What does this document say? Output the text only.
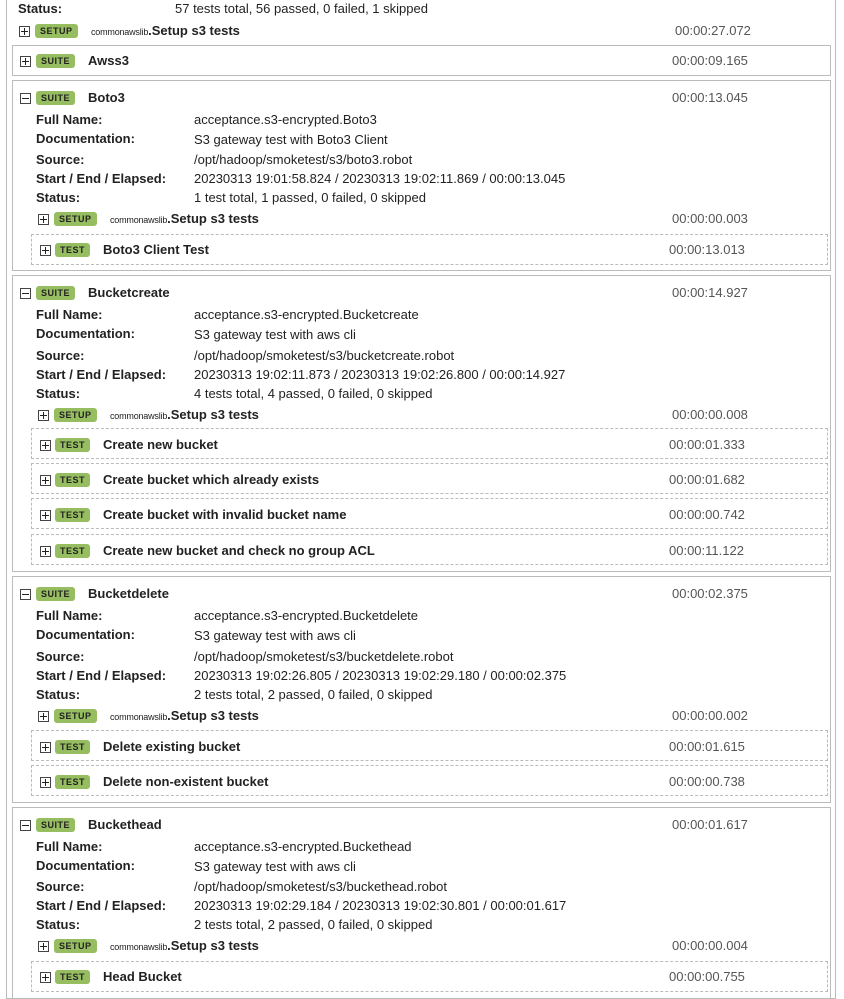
Status:	57 tests total, 56 passed, 0 failed, 1 skipped
SETUP	commonawslib.Setup s3 tests	00:00:27.072
SUITE	Awss3	00:00:09.165
SUITE	Boto3	00:00:13.045
Full Name:	acceptance.s3-encrypted.Boto3
Documentation:	S3 gateway test with Boto3 Client
Source:	/opt/hadoop/smoketest/s3/boto3.robot
Start / End / Elapsed: 20230313 19:01:58.824 / 20230313 19:02:11.869 / 00:00:13.045
Status:	1 test total, 1 passed, 0 failed, 0 skipped
SETUP	commonawslib.Setup s3 tests	00:00:00.003
TEST	Boto3 Client Test	00:00:13.013
SUITE	Bucketcreate	00:00:14.927
Full Name:	acceptance.s3-encrypted.Bucketcreate
Documentation:	S3 gateway test with aws cli
Source:	/opt/hadoop/smoketest/s3/bucketcreate.robot
Start / End / Elapsed: 20230313 19:02:11.873 / 20230313 19:02:26.800 / 00:00:14.927
Status:	4 tests total, 4 passed, 0 failed, 0 skipped
SETUP	commonawslib.Setup s3 tests	00:00:00.008
TEST	Create new bucket	00:00:01.333
TEST	Create bucket which already exists	00:00:01.682
TEST	Create bucket with invalid bucket name	00:00:00.742
TEST	Create new bucket and check no group ACL	00:00:11.122
SUITE	Bucketdelete	00:00:02.375
Full Name:	acceptance.s3-encrypted.Bucketdelete
Documentation:	S3 gateway test with aws cli
Source:	/opt/hadoop/smoketest/s3/bucketdelete.robot
Start / End / Elapsed: 20230313 19:02:26.805 / 20230313 19:02:29.180 / 00:00:02.375
Status:	2 tests total, 2 passed, 0 failed, 0 skipped
SETUP	commonawslib.Setup s3 tests	00:00:00.002
TEST	Delete existing bucket	00:00:01.615
TEST	Delete non-existent bucket	00:00:00.738
SUITE	Buckethead	00:00:01.617
Full Name:	acceptance.s3-encrypted.Buckethead
Documentation:	S3 gateway test with aws cli
Source:	/opt/hadoop/smoketest/s3/buckethead.robot
Start / End / Elapsed: 20230313 19:02:29.184 / 20230313 19:02:30.801 / 00:00:01.617
Status:	2 tests total, 2 passed, 0 failed, 0 skipped
SETUP	commonawslib.Setup s3 tests	00:00:00.004
TEST	Head Bucket	00:00:00.755
